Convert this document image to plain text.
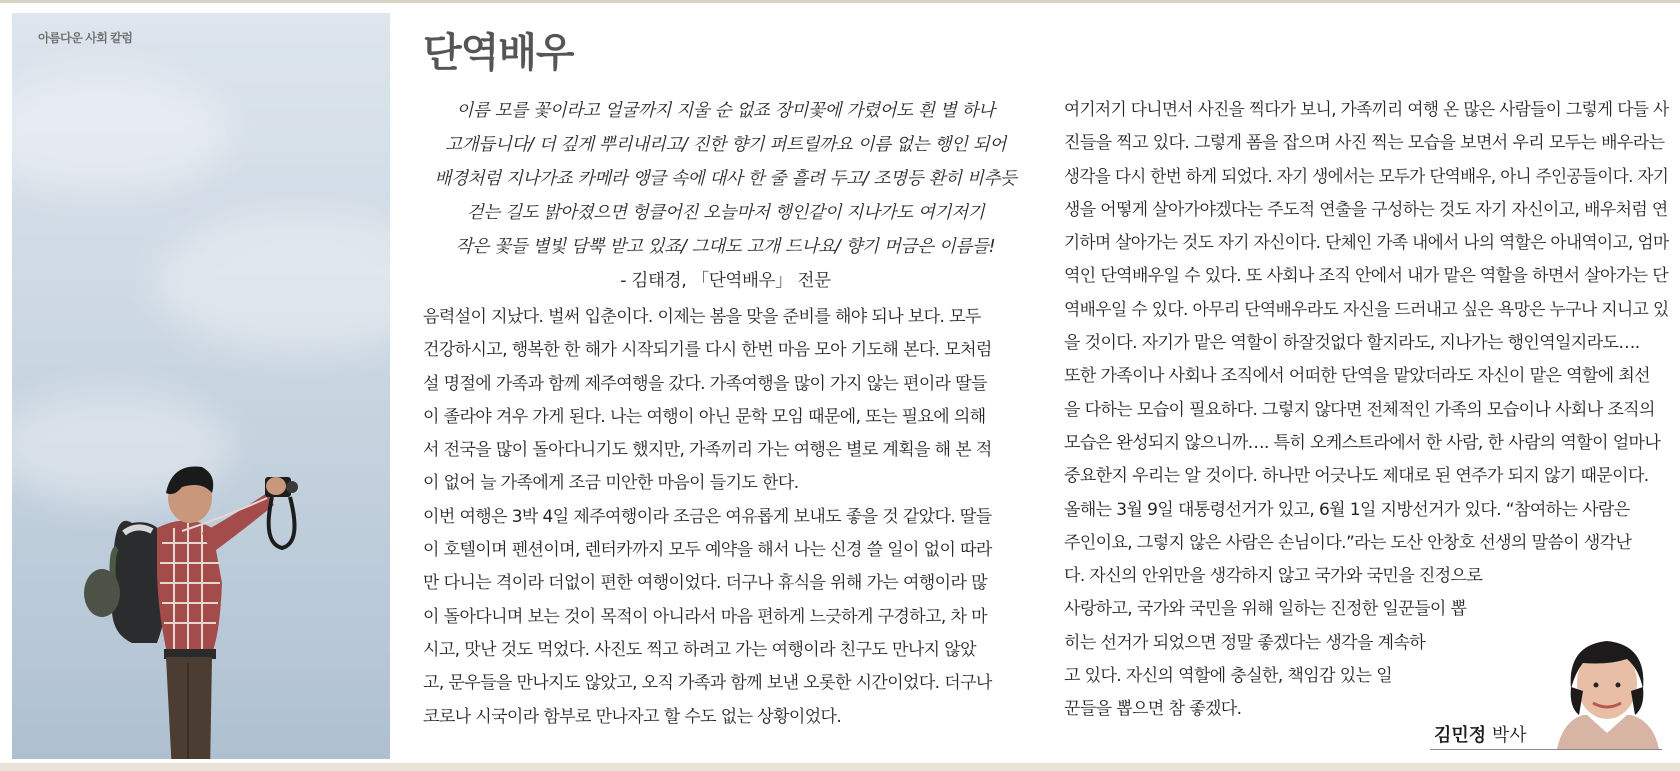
아름다운 사회 칼럼	단역배우
이름 모를 꽃이라고 얼굴까지 지울 순 없죠 장미꽃에 가렸어도 흰 별 하나
고개듭니다/ 더 깊게 뿌리내리고/ 진한 향기 퍼트릴까요 이름 없는 행인 되어
배경처럼 지나가죠 카메라 앵글 속에 대사 한 줄 흘려 두고/ 조명등 환히 비추듯
걷는 길도 밝아졌으면 헝클어진 오늘마저 행인같이 지나가도 여기저기
작은 꽃들 별빛 담뿍 받고 있죠/ 그대도 고개 드나요/ 향기 머금은 이름들!
- 김태경, 「단역배우」 전문
음력설이 지났다. 벌써 입춘이다. 이제는 봄을 맞을 준비를 해야 되나 보다. 모두
건강하시고, 행복한 한 해가 시작되기를 다시 한번 마음 모아 기도해 본다. 모처럼
설 명절에 가족과 함께 제주여행을 갔다. 가족여행을 많이 가지 않는 편이라 딸들
이 졸라야 겨우 가게 된다. 나는 여행이 아닌 문학 모임 때문에, 또는 필요에 의해
서 전국을 많이 돌아다니기도 했지만, 가족끼리 가는 여행은 별로 계획을 해 본 적
이 없어 늘 가족에게 조금 미안한 마음이 들기도 한다.
이번 여행은 3박 4일 제주여행이라 조금은 여유롭게 보내도 좋을 것 같았다. 딸들
이 호텔이며 펜션이며, 렌터카까지 모두 예약을 해서 나는 신경 쓸 일이 없이 따라
만 다니는 격이라 더없이 편한 여행이었다. 더구나 휴식을 위해 가는 여행이라 많
이 돌아다니며 보는 것이 목적이 아니라서 마음 편하게 느긋하게 구경하고, 차 마
시고, 맛난 것도 먹었다. 사진도 찍고 하려고 가는 여행이라 친구도 만나지 않았
고, 문우들을 만나지도 않았고, 오직 가족과 함께 보낸 오롯한 시간이었다. 더구나
코로나 시국이라 함부로 만나자고 할 수도 없는 상황이었다.
여기저기 다니면서 사진을 찍다가 보니, 가족끼리 여행 온 많은 사람들이 그렇게 다들 사
진들을 찍고 있다. 그렇게 폼을 잡으며 사진 찍는 모습을 보면서 우리 모두는 배우라는
생각을 다시 한번 하게 되었다. 자기 생에서는 모두가 단역배우, 아니 주인공들이다. 자기
생을 어떻게 살아가야겠다는 주도적 연출을 구성하는 것도 자기 자신이고, 배우처럼 연
기하며 살아가는 것도 자기 자신이다. 단체인 가족 내에서 나의 역할은 아내역이고, 엄마
역인 단역배우일 수 있다. 또 사회나 조직 안에서 내가 맡은 역할을 하면서 살아가는 단
역배우일 수 있다. 아무리 단역배우라도 자신을 드러내고 싶은 욕망은 누구나 지니고 있
을 것이다. 자기가 맡은 역할이 하잘것없다 할지라도, 지나가는 행인역일지라도….
또한 가족이나 사회나 조직에서 어떠한 단역을 맡았더라도 자신이 맡은 역할에 최선
을 다하는 모습이 필요하다. 그렇지 않다면 전체적인 가족의 모습이나 사회나 조직의
모습은 완성되지 않으니까…. 특히 오케스트라에서 한 사람, 한 사람의 역할이 얼마나
중요한지 우리는 알 것이다. 하나만 어긋나도 제대로 된 연주가 되지 않기 때문이다.
올해는 3월 9일 대통령선거가 있고, 6월 1일 지방선거가 있다. “참여하는 사람은
주인이요, 그렇지 않은 사람은 손님이다.”라는 도산 안창호 선생의 말씀이 생각난
다. 자신의 안위만을 생각하지 않고 국가와 국민을 진정으로
사랑하고, 국가와 국민을 위해 일하는 진정한 일꾼들이 뽑
히는 선거가 되었으면 정말 좋겠다는 생각을 계속하
고 있다. 자신의 역할에 충실한, 책임감 있는 일
꾼들을 뽑으면 참 좋겠다.
김민정 박사
